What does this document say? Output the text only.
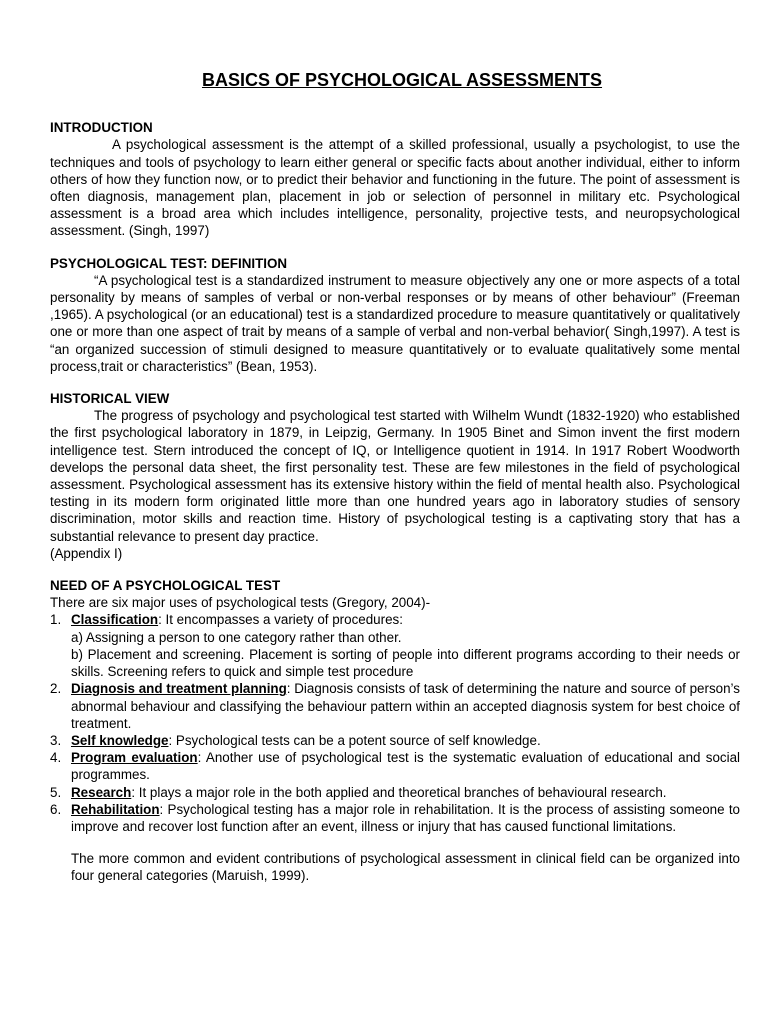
BASICS OF PSYCHOLOGICAL ASSESSMENTS

INTRODUCTION

A psychological assessment is the attempt of a skilled professional, usually a psychologist, to use the techniques and tools of psychology to learn either general or specific facts about another individual, either to inform others of how they function now, or to predict their behavior and functioning in the future. The point of assessment is often diagnosis, management plan, placement in job or selection of personnel in military etc. Psychological assessment is a broad area which includes intelligence, personality, projective tests, and neuropsychological assessment. (Singh, 1997)

PSYCHOLOGICAL TEST: DEFINITION

“A psychological test is a standardized instrument to measure objectively any one or more aspects of a total personality by means of samples of verbal or non-verbal responses or by means of other behaviour” (Freeman ,1965). A psychological (or an educational) test is a standardized procedure to measure quantitatively or qualitatively one or more than one aspect of trait by means of a sample of verbal and non-verbal behavior( Singh,1997). A test is “an organized succession of stimuli designed to measure quantitatively or to evaluate qualitatively some mental process,trait or characteristics” (Bean, 1953).

HISTORICAL VIEW

The progress of psychology and psychological test started with Wilhelm Wundt (1832-1920) who established the first psychological laboratory in 1879, in Leipzig, Germany. In 1905 Binet and Simon invent the first modern intelligence test. Stern introduced the concept of IQ, or Intelligence quotient in 1914. In 1917 Robert Woodworth develops the personal data sheet, the first personality test. These are few milestones in the field of psychological assessment. Psychological assessment has its extensive history within the field of mental health also. Psychological testing in its modern form originated little more than one hundred years ago in laboratory studies of sensory discrimination, motor skills and reaction time. History of psychological testing is a captivating story that has a substantial relevance to present day practice.

(Appendix I)

NEED OF A PSYCHOLOGICAL TEST

There are six major uses of psychological tests (Gregory, 2004)-

1. Classification: It encompasses a variety of procedures:

a) Assigning a person to one category rather than other.

b) Placement and screening. Placement is sorting of people into different programs according to their needs or skills. Screening refers to quick and simple test procedure

2. Diagnosis and treatment planning: Diagnosis consists of task of determining the nature and source of person’s abnormal behaviour and classifying the behaviour pattern within an accepted diagnosis system for best choice of treatment.
3. Self knowledge: Psychological tests can be a potent source of self knowledge.
4. Program evaluation: Another use of psychological test is the systematic evaluation of educational and social programmes.
5. Research: It plays a major role in the both applied and theoretical branches of behavioural research.
6. Rehabilitation: Psychological testing has a major role in rehabilitation. It is the process of assisting someone to improve and recover lost function after an event, illness or injury that has caused functional limitations.

The more common and evident contributions of psychological assessment in clinical field can be organized into four general categories (Maruish, 1999).
